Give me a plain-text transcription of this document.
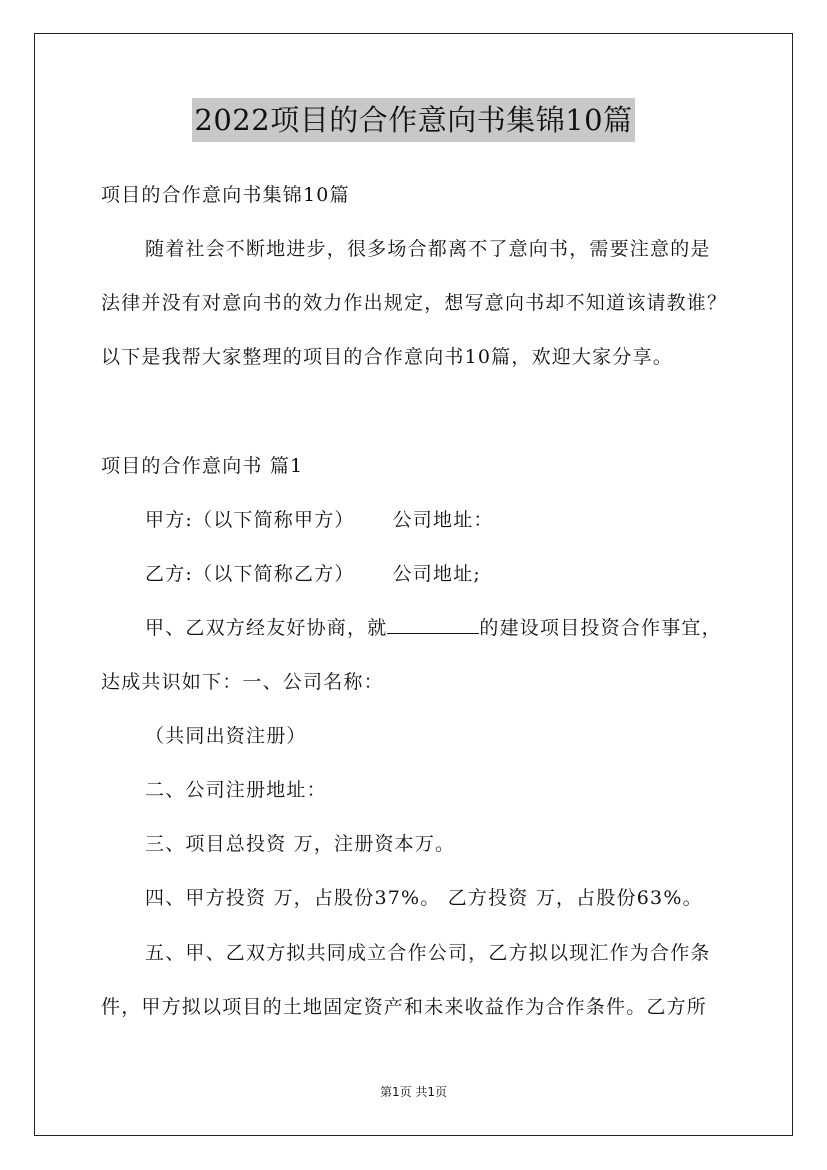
2022项目的合作意向书集锦10篇
项目的合作意向书集锦10篇
随着社会不断地进步，很多场合都离不了意向书，需要注意的是
法律并没有对意向书的效力作出规定，想写意向书却不知道该请教谁？
以下是我帮大家整理的项目的合作意向书10篇，欢迎大家分享。
项目的合作意向书 篇1
甲方:（以下简称甲方） 公司地址：
乙方:（以下简称乙方） 公司地址;
甲、乙双方经友好协商，就	的建设项目投资合作事宜，
达成共识如下：一、公司名称：
（共同出资注册）
二、公司注册地址：
三、项目总投资 万，注册资本万。
四、甲方投资 万，占股份37%。 乙方投资 万，占股份63%。
五、甲、乙双方拟共同成立合作公司，乙方拟以现汇作为合作条
件，甲方拟以项目的土地固定资产和未来收益作为合作条件。乙方所
第1页 共1页
